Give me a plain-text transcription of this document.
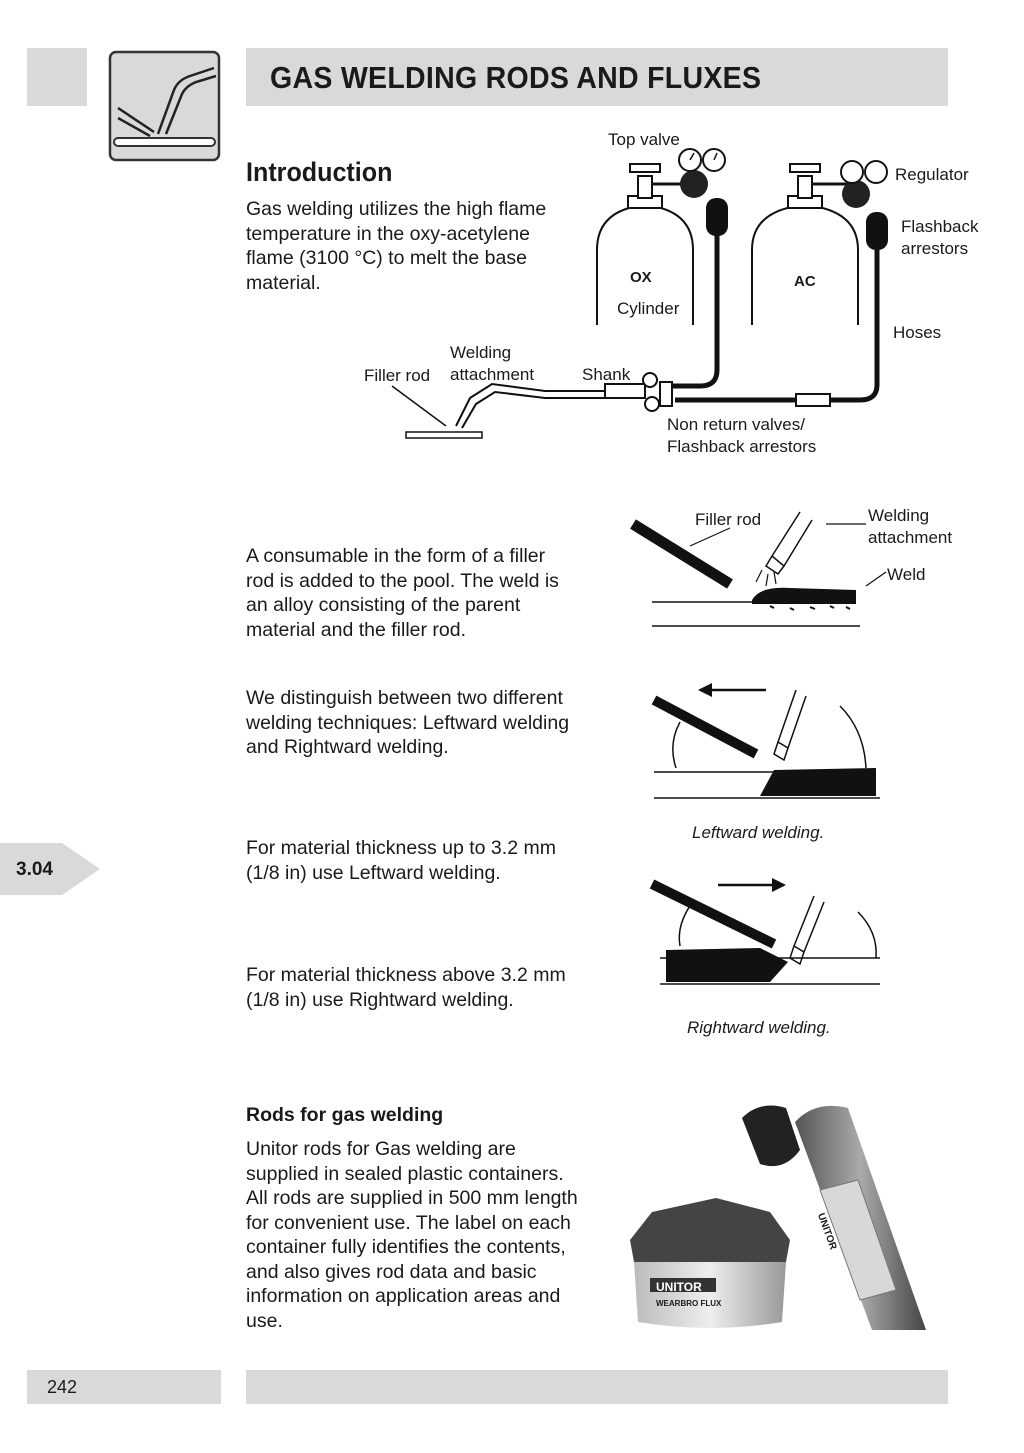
GAS WELDING RODS AND FLUXES
Introduction

Gas welding utilizes the high flame temperature in the oxy-acetylene flame (3100 °C) to melt the base material.

Top valve
Regulator
Flashback arrestors
Cylinder
Hoses
Welding attachment
Filler rod	Shank
Non return valves/ Flashback arrestors
OX	AC

A consumable in the form of a filler rod is added to the pool. The weld is an alloy consisting of the parent material and the filler rod.

Filler rod	Welding attachment
Weld

We distinguish between two different welding techniques: Leftward welding and Rightward welding.

For material thickness up to 3.2 mm (1/8 in) use Leftward welding.

For material thickness above 3.2 mm (1/8 in) use Rightward welding.

Leftward welding.
Rightward welding.
Rods for gas welding

Unitor rods for Gas welding are supplied in sealed plastic containers. All rods are supplied in 500 mm length for convenient use. The label on each container fully identifies the contents, and also gives rod data and basic information on application areas and use.

UNITOR
WEARBRO FLUX
UNITOR
3.04
242
